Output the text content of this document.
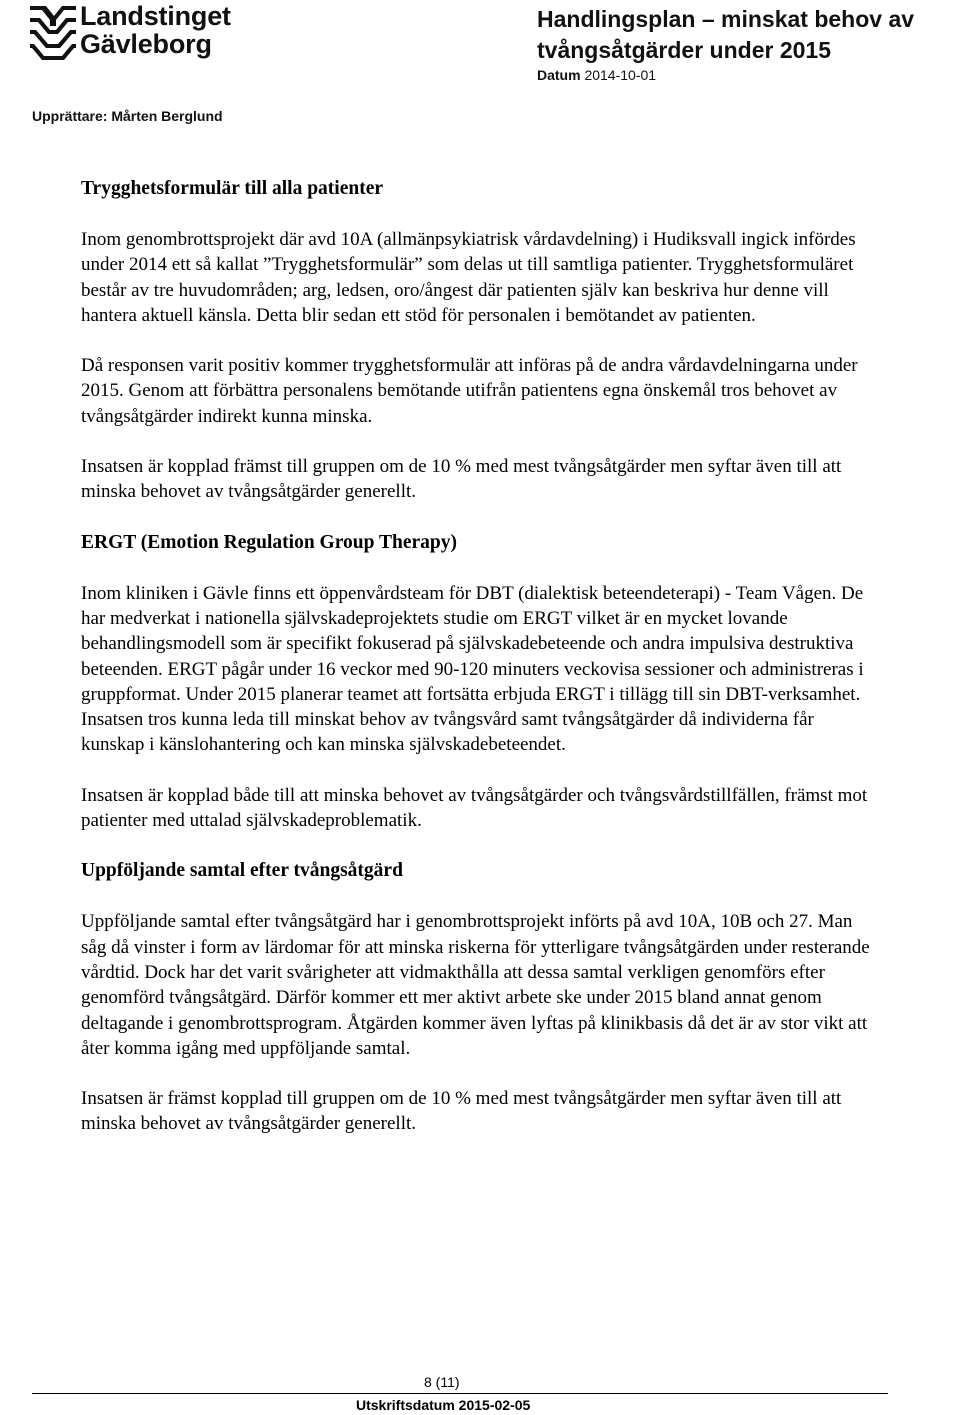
Landstinget
Gävleborg
Handlingsplan – minskat behov av
tvångsåtgärder under 2015
Datum 2014-10-01
Upprättare: Mårten Berglund
Trygghetsformulär till alla patienter

Inom genombrottsprojekt där avd 10A (allmänpsykiatrisk vårdavdelning) i Hudiksvall ingick infördes under 2014 ett så kallat ”Trygghetsformulär” som delas ut till samtliga patienter. Trygghetsformuläret består av tre huvudområden; arg, ledsen, oro/ångest där patienten själv kan beskriva hur denne vill hantera aktuell känsla. Detta blir sedan ett stöd för personalen i bemötandet av patienten.

Då responsen varit positiv kommer trygghetsformulär att införas på de andra vårdavdelningarna under 2015. Genom att förbättra personalens bemötande utifrån patientens egna önskemål tros behovet av tvångsåtgärder indirekt kunna minska.

Insatsen är kopplad främst till gruppen om de 10 % med mest tvångsåtgärder men syftar även till att minska behovet av tvångsåtgärder generellt.

ERGT (Emotion Regulation Group Therapy)

Inom kliniken i Gävle finns ett öppenvårdsteam för DBT (dialektisk beteendeterapi) - Team Vågen. De har medverkat i nationella självskadeprojektets studie om ERGT vilket är en mycket lovande behandlingsmodell som är specifikt fokuserad på självskadebeteende och andra impulsiva destruktiva beteenden. ERGT pågår under 16 veckor med 90-120 minuters veckovisa sessioner och administreras i gruppformat. Under 2015 planerar teamet att fortsätta erbjuda ERGT i tillägg till sin DBT-verksamhet. Insatsen tros kunna leda till minskat behov av tvångsvård samt tvångsåtgärder då individerna får kunskap i känslohantering och kan minska självskadebeteendet.

Insatsen är kopplad både till att minska behovet av tvångsåtgärder och tvångsvårdstillfällen, främst mot patienter med uttalad självskadeproblematik.

Uppföljande samtal efter tvångsåtgärd

Uppföljande samtal efter tvångsåtgärd har i genombrottsprojekt införts på avd 10A, 10B och 27. Man såg då vinster i form av lärdomar för att minska riskerna för ytterligare tvångsåtgärden under resterande vårdtid. Dock har det varit svårigheter att vidmakthålla att dessa samtal verkligen genomförs efter genomförd tvångsåtgärd. Därför kommer ett mer aktivt arbete ske under 2015 bland annat genom deltagande i genombrottsprogram. Åtgärden kommer även lyftas på klinikbasis då det är av stor vikt att åter komma igång med uppföljande samtal.

Insatsen är främst kopplad till gruppen om de 10 % med mest tvångsåtgärder men syftar även till att minska behovet av tvångsåtgärder generellt.

8 (11)
Utskriftsdatum 2015-02-05
